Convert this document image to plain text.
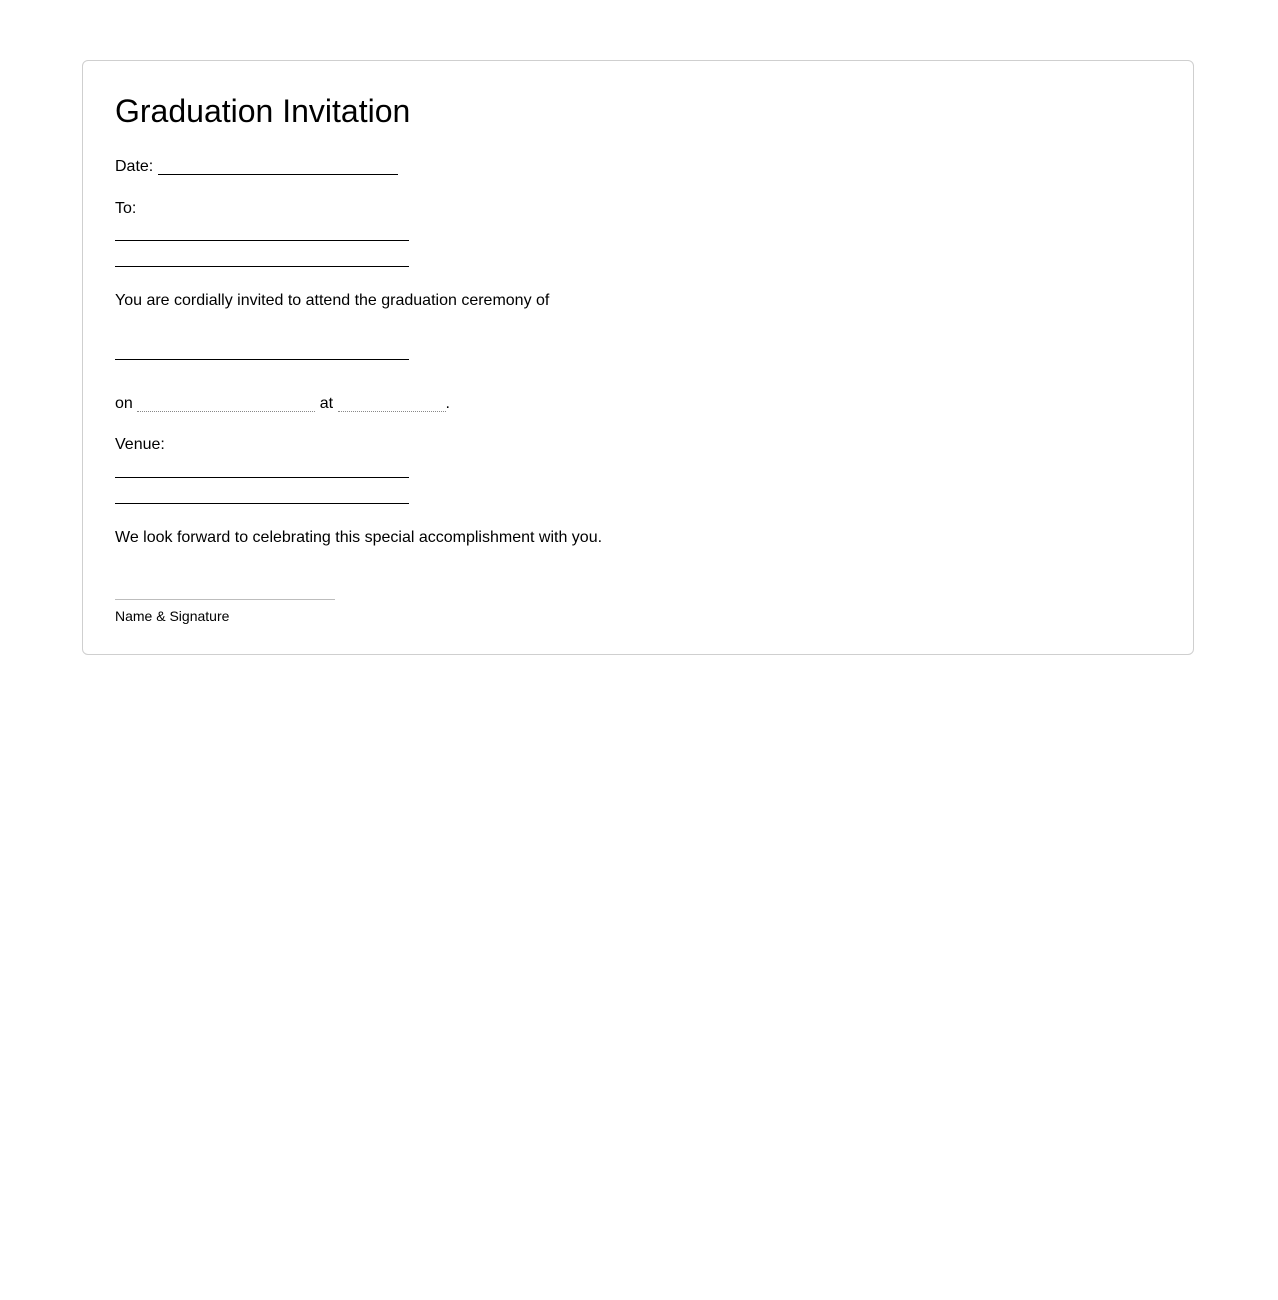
Graduation Invitation
Date:
To:
You are cordially invited to attend the graduation ceremony of
on	at	.
Venue:
We look forward to celebrating this special accomplishment with you.
Name & Signature
